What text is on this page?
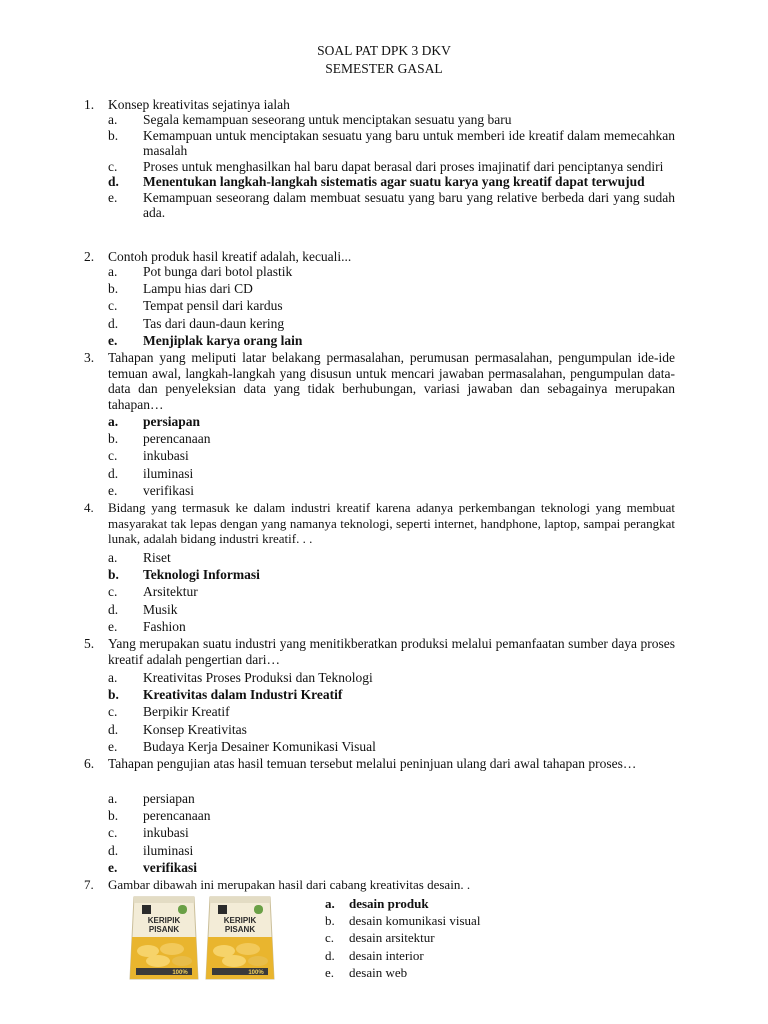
SOAL PAT DPK 3 DKV
SEMESTER GASAL
1. Konsep kreativitas sejatinya ialah
a. Segala kemampuan seseorang untuk menciptakan sesuatu yang baru
b. Kemampuan untuk menciptakan sesuatu yang baru untuk memberi ide kreatif dalam memecahkan masalah
c. Proses untuk menghasilkan hal baru dapat berasal dari proses imajinatif dari penciptanya sendiri
d. Menentukan langkah-langkah sistematis agar suatu karya yang kreatif dapat terwujud
e. Kemampuan seseorang dalam membuat sesuatu yang baru yang relative berbeda dari yang sudah ada.
2. Contoh produk hasil kreatif adalah, kecuali...
a. Pot bunga dari botol plastik
b. Lampu hias dari CD
c. Tempat pensil dari kardus
d. Tas dari daun-daun kering
e. Menjiplak karya orang lain
3. Tahapan yang meliputi latar belakang permasalahan, perumusan permasalahan, pengumpulan ide-ide temuan awal, langkah-langkah yang disusun untuk mencari jawaban permasalahan, pengumpulan data-data dan penyeleksian data yang tidak berhubungan, variasi jawaban dan sebagainya merupakan tahapan…
a. persiapan
b. perencanaan
c. inkubasi
d. iluminasi
e. verifikasi
4. Bidang yang termasuk ke dalam industri kreatif karena adanya perkembangan teknologi yang membuat masyarakat tak lepas dengan yang namanya teknologi, seperti internet, handphone, laptop, sampai perangkat lunak, adalah bidang industri kreatif. . .
a. Riset
b. Teknologi Informasi
c. Arsitektur
d. Musik
e. Fashion
5. Yang merupakan suatu industri yang menitikberatkan produksi melalui pemanfaatan sumber daya proses kreatif adalah pengertian dari…
a. Kreativitas Proses Produksi dan Teknologi
b. Kreativitas dalam Industri Kreatif
c. Berpikir Kreatif
d. Konsep Kreativitas
e. Budaya Kerja Desainer Komunikasi Visual
6. Tahapan pengujian atas hasil temuan tersebut melalui peninjuan ulang dari awal tahapan proses…
a. persiapan
b. perencanaan
c. inkubasi
d. iluminasi
e. verifikasi
7. Gambar dibawah ini merupakan hasil dari cabang kreativitas desain. .
KERIPIK
PISANK
100%
KERIPIK
PISANK
100%
a. desain produk
b. desain komunikasi visual
c. desain arsitektur
d. desain interior
e. desain web
